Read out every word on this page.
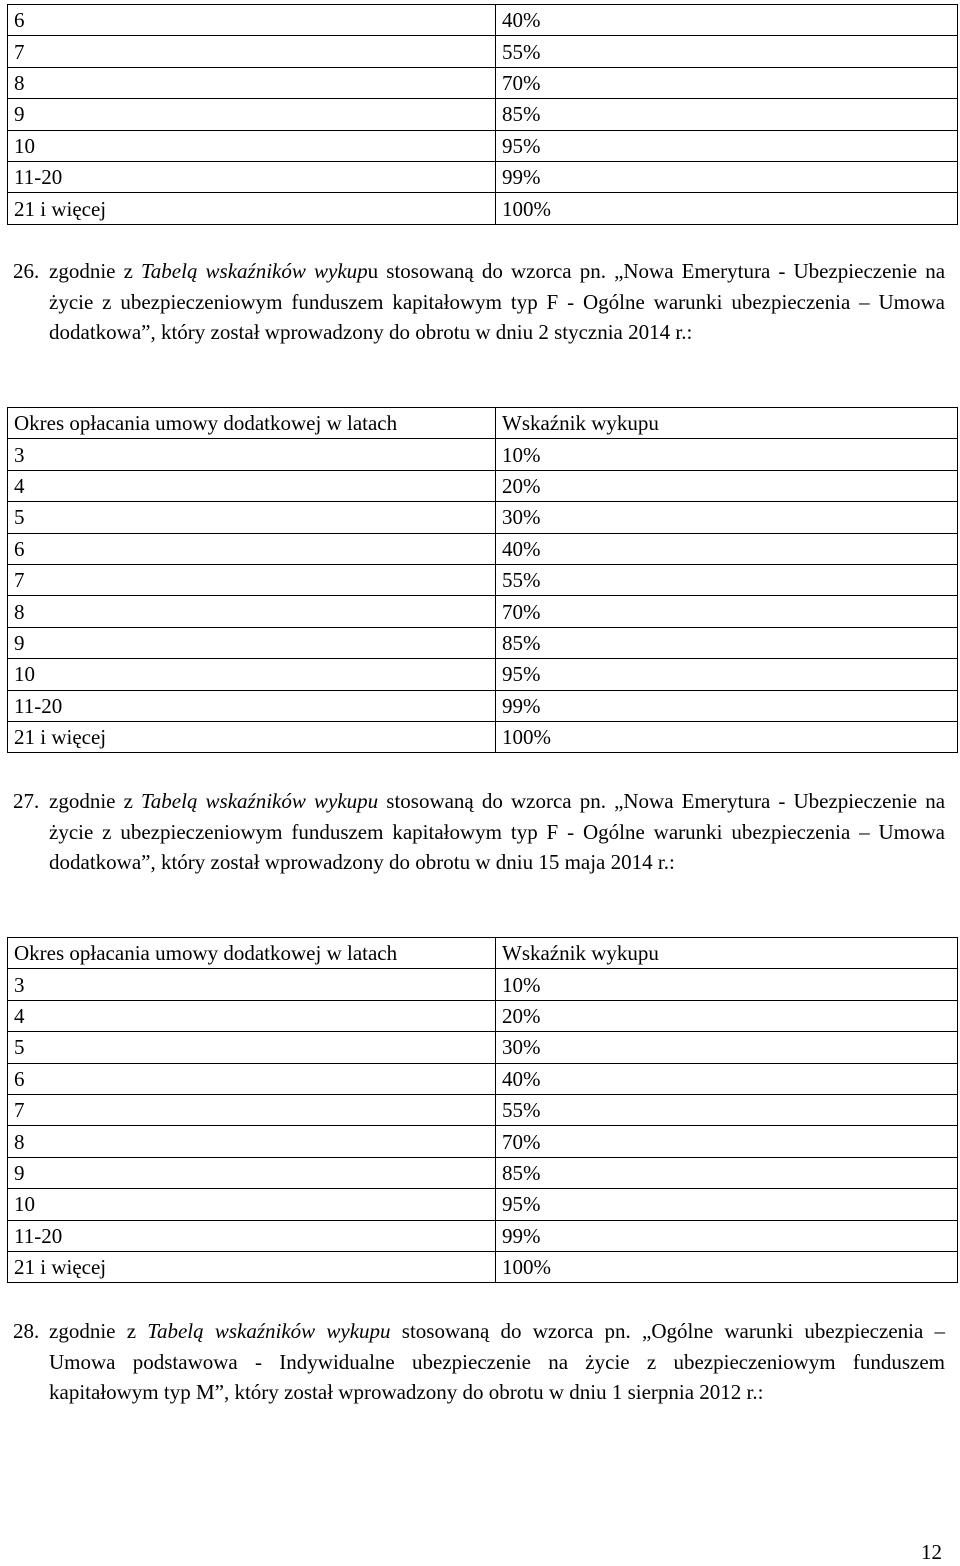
6	40%
7	55%
8	70%
9	85%
10	95%
11-20	99%
21 i więcej	100%
26. zgodnie z Tabelą wskaźników wykupu stosowaną do wzorca pn. „Nowa Emerytura - Ubezpieczenie na życie z ubezpieczeniowym funduszem kapitałowym typ F - Ogólne warunki ubezpieczenia – Umowa dodatkowa”, który został wprowadzony do obrotu w dniu 2 stycznia 2014 r.:
Okres opłacania umowy dodatkowej w latach	Wskaźnik wykupu
3	10%
4	20%
5	30%
6	40%
7	55%
8	70%
9	85%
10	95%
11-20	99%
21 i więcej	100%
27. zgodnie z Tabelą wskaźników wykupu stosowaną do wzorca pn. „Nowa Emerytura - Ubezpieczenie na życie z ubezpieczeniowym funduszem kapitałowym typ F - Ogólne warunki ubezpieczenia – Umowa dodatkowa”, który został wprowadzony do obrotu w dniu 15 maja 2014 r.:
Okres opłacania umowy dodatkowej w latach	Wskaźnik wykupu
3	10%
4	20%
5	30%
6	40%
7	55%
8	70%
9	85%
10	95%
11-20	99%
21 i więcej	100%
28. zgodnie z Tabelą wskaźników wykupu stosowaną do wzorca pn. „Ogólne warunki ubezpieczenia – Umowa podstawowa - Indywidualne ubezpieczenie na życie z ubezpieczeniowym funduszem kapitałowym typ M”, który został wprowadzony do obrotu w dniu 1 sierpnia 2012 r.:
12
